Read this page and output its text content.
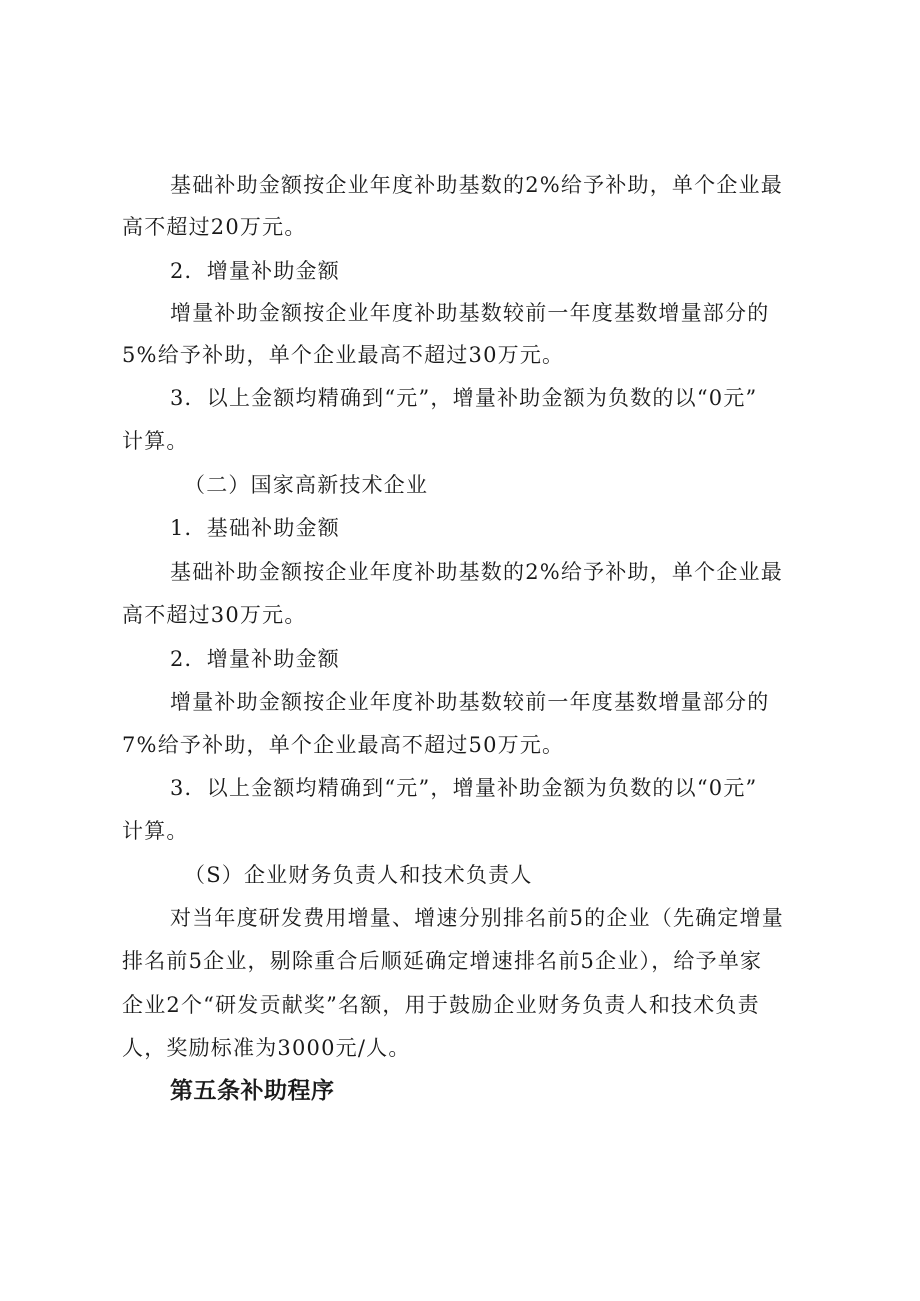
基础补助金额按企业年度补助基数的2%给予补助，单个企业最
高不超过20万元。
2．增量补助金额
增量补助金额按企业年度补助基数较前一年度基数增量部分的
5%给予补助，单个企业最高不超过30万元。
3．以上金额均精确到“元”，增量补助金额为负数的以“0元”
计算。
（二）国家高新技术企业
1．基础补助金额
基础补助金额按企业年度补助基数的2%给予补助，单个企业最
高不超过30万元。
2．增量补助金额
增量补助金额按企业年度补助基数较前一年度基数增量部分的
7%给予补助，单个企业最高不超过50万元。
3．以上金额均精确到“元”，增量补助金额为负数的以“0元”
计算。
（S）企业财务负责人和技术负责人
对当年度研发费用增量、增速分别排名前5的企业（先确定增量
排名前5企业，剔除重合后顺延确定增速排名前5企业），给予单家
企业2个“研发贡献奖”名额，用于鼓励企业财务负责人和技术负责
人，奖励标准为3000元/人。
第五条补助程序
